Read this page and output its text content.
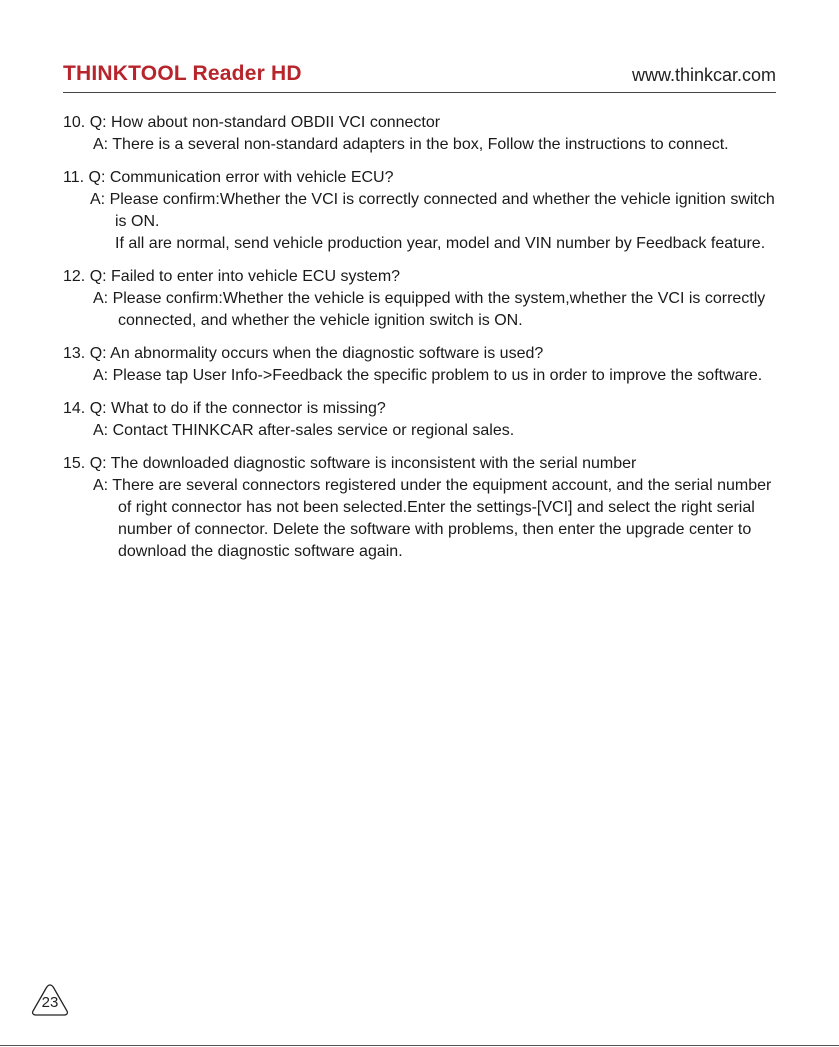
THINKTOOL Reader HD	www.thinkcar.com
10. Q: How about non-standard OBDII VCI connector

A: There is a several non-standard adapters in the box, Follow the instructions to connect.

11. Q: Communication error with vehicle ECU?

A: Please confirm:Whether the VCI is correctly connected and whether the vehicle ignition switch is ON.

If all are normal, send vehicle production year, model and VIN number by Feedback feature.

12. Q: Failed to enter into vehicle ECU system?

A: Please confirm:Whether the vehicle is equipped with the system,whether the VCI is correctly connected, and whether the vehicle ignition switch is ON.

13. Q: An abnormality occurs when the diagnostic software is used?

A: Please tap User Info->Feedback the specific problem to us in order to improve the software.

14. Q: What to do if the connector is missing?

A: Contact THINKCAR after-sales service or regional sales.

15. Q: The downloaded diagnostic software is inconsistent with the serial number

A: There are several connectors registered under the equipment account, and the serial number of right connector has not been selected.Enter the settings-[VCI] and select the right serial number of connector. Delete the software with problems, then enter the upgrade center to download the diagnostic software again.

23
